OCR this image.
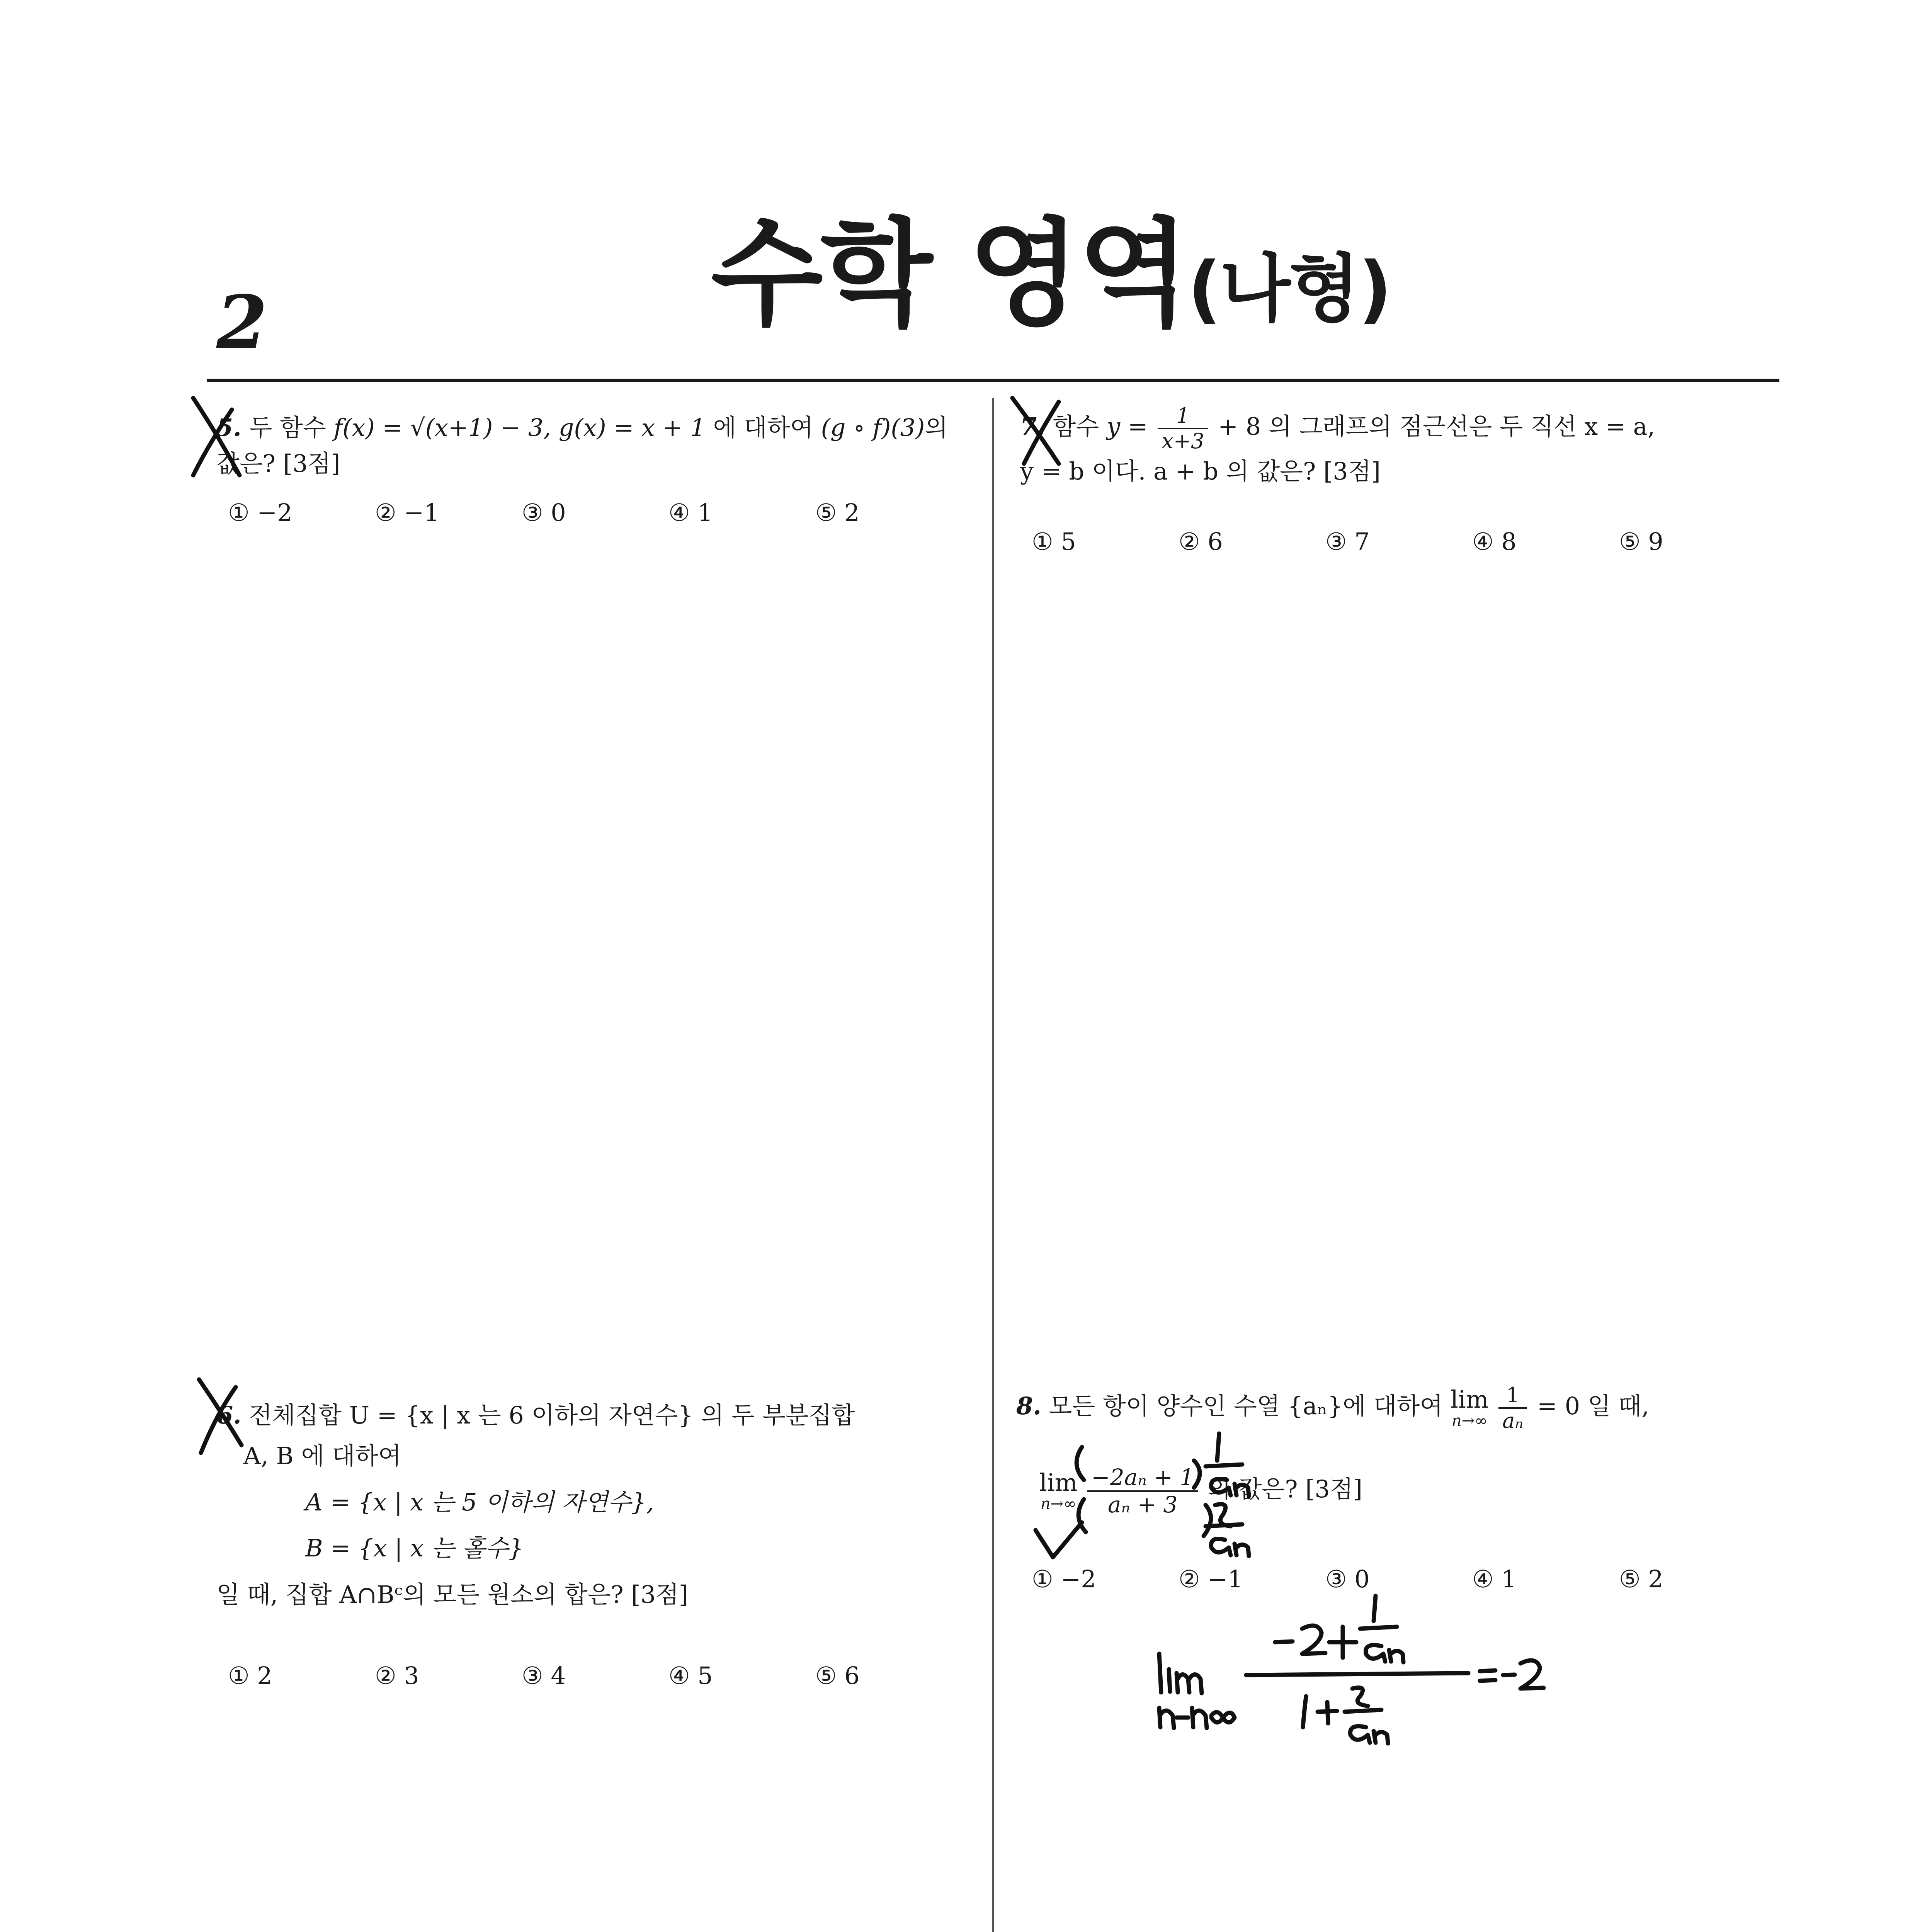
2	수학 영역(나형)
5. 두 함수 f(x) = √(x+1) − 3, g(x) = x + 1 에 대하여 (g ∘ f)(3)의
값은? [3점]
① −2	② −1	③ 0	④ 1	⑤ 2
7. 함수 $y = \frac{1}{x+3} + 8$ 의 그래프의 점근선은 두 직선 x = a,
y = b 이다. a + b 의 값은? [3점]
① 5	② 6	③ 7	④ 8	⑤ 9
6. 전체집합 U = {x | x 는 6 이하의 자연수} 의 두 부분집합
A, B 에 대하여
A = {x | x 는 5 이하의 자연수},
B = {x | x 는 홀수}
일 때, 집합 A∩Bᶜ의 모든 원소의 합은? [3점]
① 2	② 3	③ 4	④ 5	⑤ 6
8. 모든 항이 양수인 수열 {aₙ}에 대하여 lim
n→∞
$\frac{1}{\text{aₙ}} = 0$ 일 때,
lim
n→∞
$\frac{\text{−2aₙ + 1}}{\text{aₙ + 3}}$ 의 값은? [3점]
① −2	② −1	③ 0	④ 1	⑤ 2
